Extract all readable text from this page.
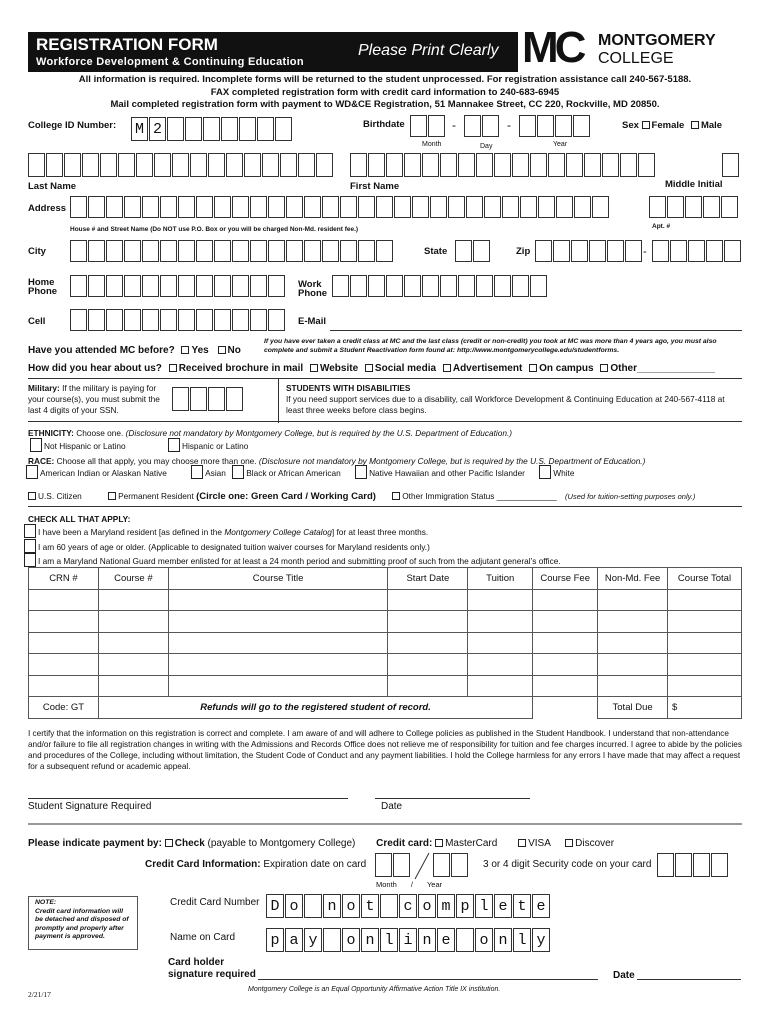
REGISTRATION FORM
Workforce Development & Continuing Education
Please Print Clearly MC MONTGOMERY
COLLEGE
All information is required. Incomplete forms will be returned to the student unprocessed. For registration assistance call 240-567-5188.
FAX completed registration form with credit card information to 240-683-6945
Mail completed registration form with payment to WD&CE Registration, 51 Mannakee Street, CC 220, Rockville, MD 20850.
College ID Number: M 2	Birthdate	-	-
Month	Day	Year
Sex Female Male
Last Name	First Name	Middle Initial
Address
House # and Street Name (Do NOT use P.O. Box or you will be charged Non-Md. resident fee.)	Apt. #
City	State	Zip	-
Home
Phone
Work
Phone
Cell	E-Mail
Have you attended MC before? Yes No
If you have ever taken a credit class at MC and the last class (credit or non-credit) you took at MC was more than 4 years ago, you must also complete and submit a Student Reactivation form found at: http://www.montgomerycollege.edu/studentforms.
How did you hear about us? Received brochure in mail Website Social media Advertisement On campus Other______________
Military: If the military is paying for your course(s), you must submit the last 4 digits of your SSN.
STUDENTS WITH DISABILITIES
If you need support services due to a disability, call Workforce Development & Continuing Education at 240-567-4118 at least three weeks before class begins.
ETHNICITY: Choose one. (Disclosure not mandatory by Montgomery College, but is required by the U.S. Department of Education.)
Not Hispanic or Latino	Hispanic or Latino
RACE: Choose all that apply, you may choose more than one. (Disclosure not mandatory by Montgomery College, but is required by the U.S. Department of Education.)
American Indian or Alaskan Native	Asian Black or African American	Native Hawaiian and other Pacific Islander	White
U.S. Citizen	Permanent Resident (Circle one: Green Card / Working Card)	Other Immigration Status _____________ (Used for tuition-setting purposes only.)
CHECK ALL THAT APPLY:
I have been a Maryland resident [as defined in the Montgomery College Catalog] for at least three months.
I am 60 years of age or older. (Applicable to designated tuition waiver courses for Maryland residents only.)
I am a Maryland National Guard member enlisted for at least a 24 month period and submitting proof of such from the adjutant general’s office.
CRN #	Course #	Course Title	Start Date	Tuition	Course Fee	Non-Md. Fee	Course Total

Code: GT	Refunds will go to the registered student of record.					Total Due	$
I certify that the information on this registration is correct and complete. I am aware of and will adhere to College policies as published in the Student Handbook. I understand that non-attendance and/or failure to file all registration changes in writing with the Admissions and Records Office does not relieve me of responsibility for tuition and fee charges incurred. I agree to abide by the policies and procedures of the College, including without limitation, the Student Code of Conduct and any payment liabilities. I hold the College harmless for any errors I have made that may affect a request for a subsequent refund or academic appeal.
Student Signature Required	Date
Please indicate payment by: Check (payable to Montgomery College) Credit card: MasterCard	VISA Discover
Credit Card Information: Expiration date on card	3 or 4 digit Security code on your card
Month / Year
NOTE:
Credit card information will be detached and disposed of promptly and properly after payment is approved.
Credit Card Number D o	n o t	c o m p l e t e
Name on Card p a y	o n l i n e	o n l y
Card holder
signature required	Date
2/21/17
Montgomery College is an Equal Opportunity Affirmative Action Title IX institution.
